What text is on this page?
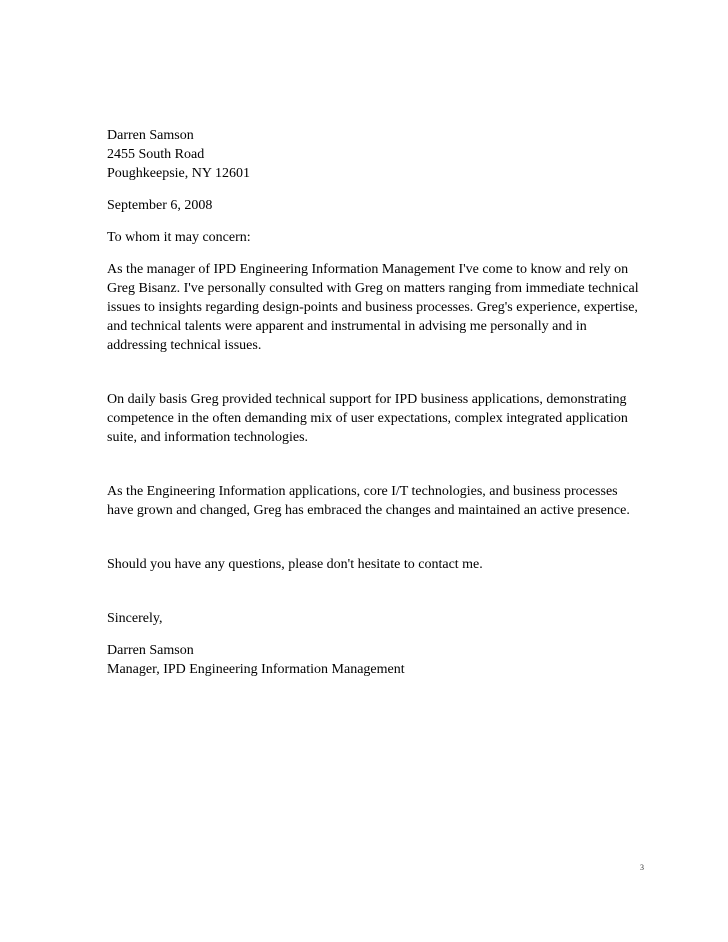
Darren Samson
2455 South Road
Poughkeepsie, NY 12601
September 6, 2008
To whom it may concern:
As the manager of IPD Engineering Information Management I've come to know and rely on
Greg Bisanz. I've personally consulted with Greg on matters ranging from immediate technical
issues to insights regarding design-points and business processes. Greg's experience, expertise,
and technical talents were apparent and instrumental in advising me personally and in
addressing technical issues.
On daily basis Greg provided technical support for IPD business applications, demonstrating
competence in the often demanding mix of user expectations, complex integrated application
suite, and information technologies.
As the Engineering Information applications, core I/T technologies, and business processes
have grown and changed, Greg has embraced the changes and maintained an active presence.
Should you have any questions, please don't hesitate to contact me.
Sincerely,
Darren Samson
Manager, IPD Engineering Information Management
3
